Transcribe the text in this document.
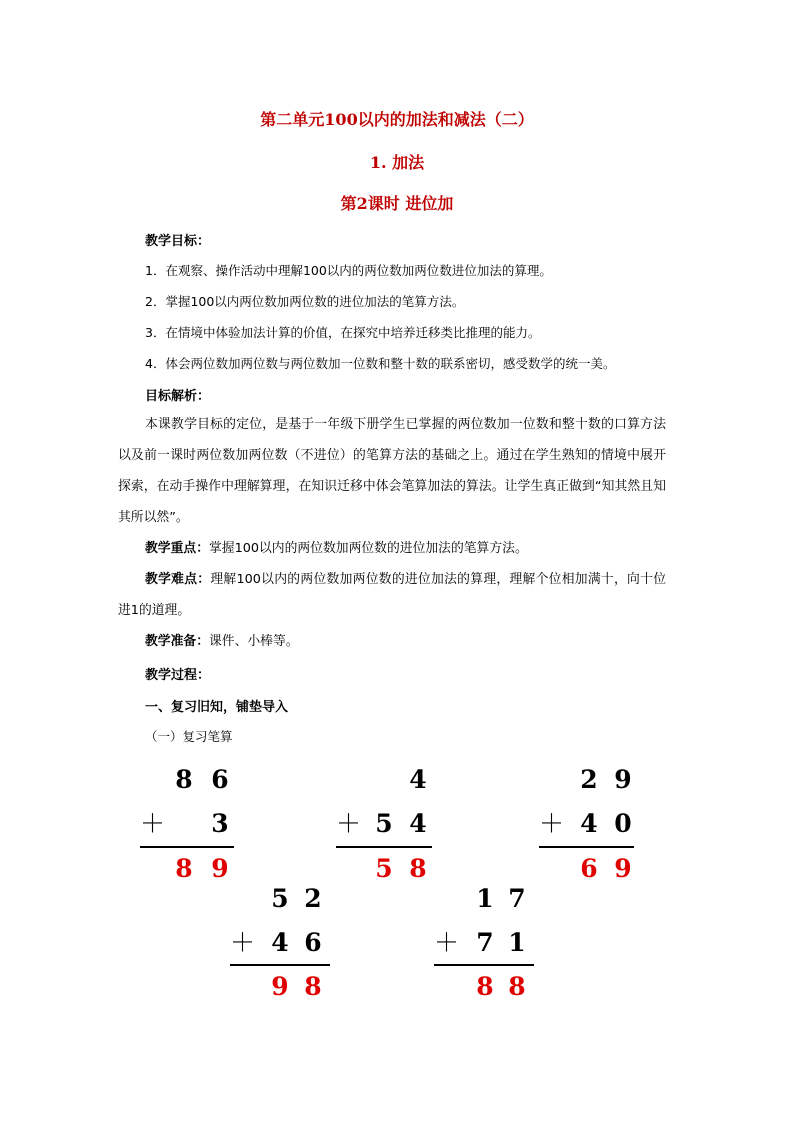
第二单元100以内的加法和减法（二）
1. 加法
第2课时 进位加
教学目标：
1．在观察、操作活动中理解100以内的两位数加两位数进位加法的算理。
2．掌握100以内两位数加两位数的进位加法的笔算方法。
3．在情境中体验加法计算的价值，在探究中培养迁移类比推理的能力。
4．体会两位数加两位数与两位数加一位数和整十数的联系密切，感受数学的统一美。
目标解析：
本课教学目标的定位，是基于一年级下册学生已掌握的两位数加一位数和整十数的口算方法以及前一课时两位数加两位数（不进位）的笔算方法的基础之上。通过在学生熟知的情境中展开探索，在动手操作中理解算理，在知识迁移中体会笔算加法的算法。让学生真正做到“知其然且知其所以然”。
教学重点：掌握100以内的两位数加两位数的进位加法的笔算方法。
教学难点：理解100以内的两位数加两位数的进位加法的算理，理解个位相加满十，向十位进1的道理。
教学准备：课件、小棒等。
教学过程：
一、复习旧知，铺垫导入
（一）复习笔算

8

6

＋

3

8

9

4

＋

5

4

5

8

2

9

＋

4

0

6

9

5

2

＋

4

6

9

8

1

7

＋

7

1

8

8
